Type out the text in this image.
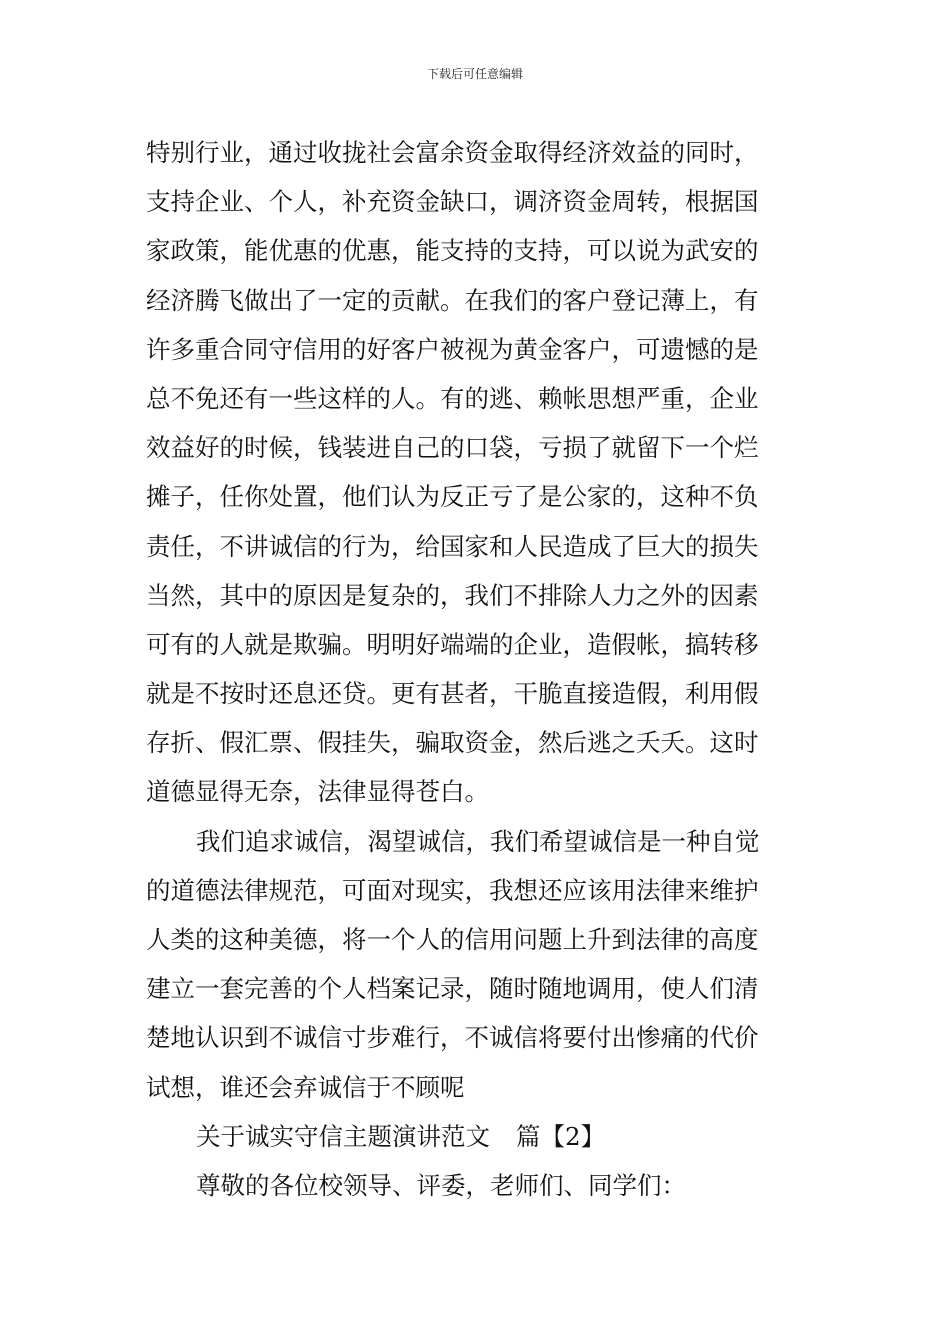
下载后可任意编辑
特别行业，通过收拢社会富余资金取得经济效益的同时，
支持企业、个人，补充资金缺口，调济资金周转，根据国
家政策，能优惠的优惠，能支持的支持，可以说为武安的
经济腾飞做出了一定的贡献。在我们的客户登记薄上，有
许多重合同守信用的好客户被视为黄金客户，可遗憾的是
总不免还有一些这样的人。有的逃、赖帐思想严重，企业
效益好的时候，钱装进自己的口袋，亏损了就留下一个烂
摊子，任你处置，他们认为反正亏了是公家的，这种不负
责任，不讲诚信的行为，给国家和人民造成了巨大的损失
当然，其中的原因是复杂的，我们不排除人力之外的因素
可有的人就是欺骗。明明好端端的企业，造假帐，搞转移
就是不按时还息还贷。更有甚者，干脆直接造假，利用假
存折、假汇票、假挂失，骗取资金，然后逃之夭夭。这时
道德显得无奈，法律显得苍白。
我们追求诚信，渴望诚信，我们希望诚信是一种自觉
的道德法律规范，可面对现实，我想还应该用法律来维护
人类的这种美德，将一个人的信用问题上升到法律的高度
建立一套完善的个人档案记录，随时随地调用，使人们清
楚地认识到不诚信寸步难行，不诚信将要付出惨痛的代价
试想，谁还会弃诚信于不顾呢
关于诚实守信主题演讲范文 篇【2】
尊敬的各位校领导、评委，老师们、同学们：
